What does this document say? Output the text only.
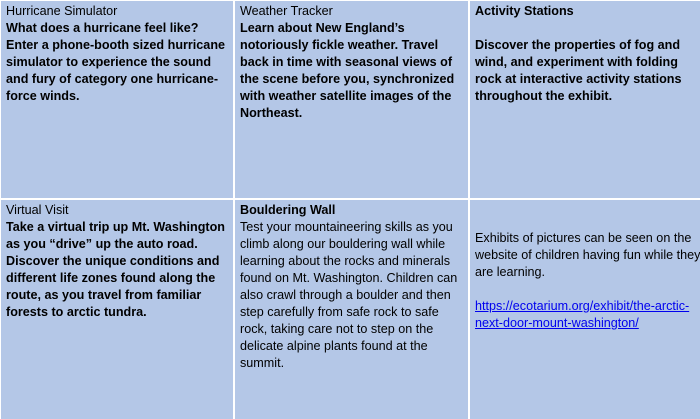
Hurricane Simulator

What does a hurricane feel like?

Enter a phone-booth sized hurricane simulator to experience the sound and fury of category one hurricane-force winds.

Weather Tracker

Learn about New England’s notoriously fickle weather. Travel back in time with seasonal views of the scene before you, synchronized with weather satellite images of the Northeast.

Activity Stations

Discover the properties of fog and wind, and experiment with folding rock at interactive activity stations throughout the exhibit.

Virtual Visit

Take a virtual trip up Mt. Washington as you “drive” up the auto road. Discover the unique conditions and different life zones found along the route, as you travel from familiar forests to arctic tundra.

Bouldering Wall

Test your mountaineering skills as you climb along our bouldering wall while learning about the rocks and minerals found on Mt. Washington. Children can also crawl through a boulder and then step carefully from safe rock to safe rock, taking care not to step on the delicate alpine plants found at the summit.

Exhibits of pictures can be seen on the website of children having fun while they are learning.

https://ecotarium.org/exhibit/the-arctic-next-door-mount-washington/
